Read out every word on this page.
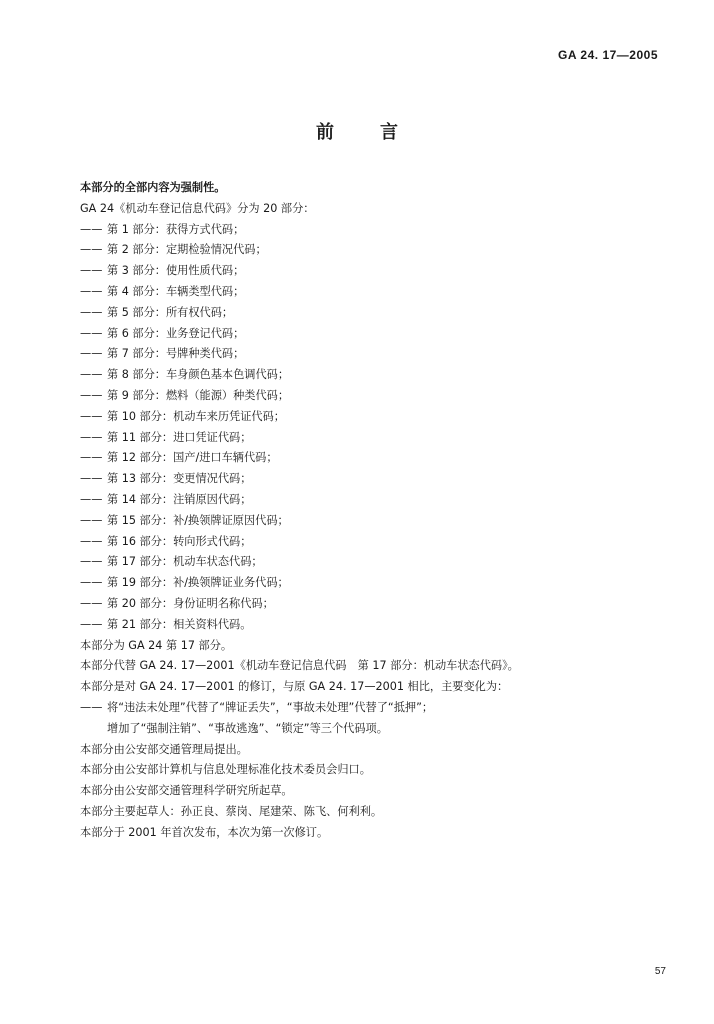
GA 24. 17—2005
前言
本部分的全部内容为强制性。
GA 24《机动车登记信息代码》分为 20 部分：
—— 第 1 部分：获得方式代码；
—— 第 2 部分：定期检验情况代码；
—— 第 3 部分：使用性质代码；
—— 第 4 部分：车辆类型代码；
—— 第 5 部分：所有权代码；
—— 第 6 部分：业务登记代码；
—— 第 7 部分：号牌种类代码；
—— 第 8 部分：车身颜色基本色调代码；
—— 第 9 部分：燃料（能源）种类代码；
—— 第 10 部分：机动车来历凭证代码；
—— 第 11 部分：进口凭证代码；
—— 第 12 部分：国产/进口车辆代码；
—— 第 13 部分：变更情况代码；
—— 第 14 部分：注销原因代码；
—— 第 15 部分：补/换领牌证原因代码；
—— 第 16 部分：转向形式代码；
—— 第 17 部分：机动车状态代码；
—— 第 19 部分：补/换领牌证业务代码；
—— 第 20 部分：身份证明名称代码；
—— 第 21 部分：相关资料代码。
本部分为 GA 24 第 17 部分。
本部分代替 GA 24. 17—2001《机动车登记信息代码　第 17 部分：机动车状态代码》。
本部分是对 GA 24. 17—2001 的修订，与原 GA 24. 17—2001 相比，主要变化为：
—— 将“违法未处理”代替了“牌证丢失”，“事故未处理”代替了“抵押”；
增加了“强制注销”、“事故逃逸”、“锁定”等三个代码项。
本部分由公安部交通管理局提出。
本部分由公安部计算机与信息处理标准化技术委员会归口。
本部分由公安部交通管理科学研究所起草。
本部分主要起草人：孙正良、蔡岗、尾建荣、陈飞、何利利。
本部分于 2001 年首次发布，本次为第一次修订。
57
